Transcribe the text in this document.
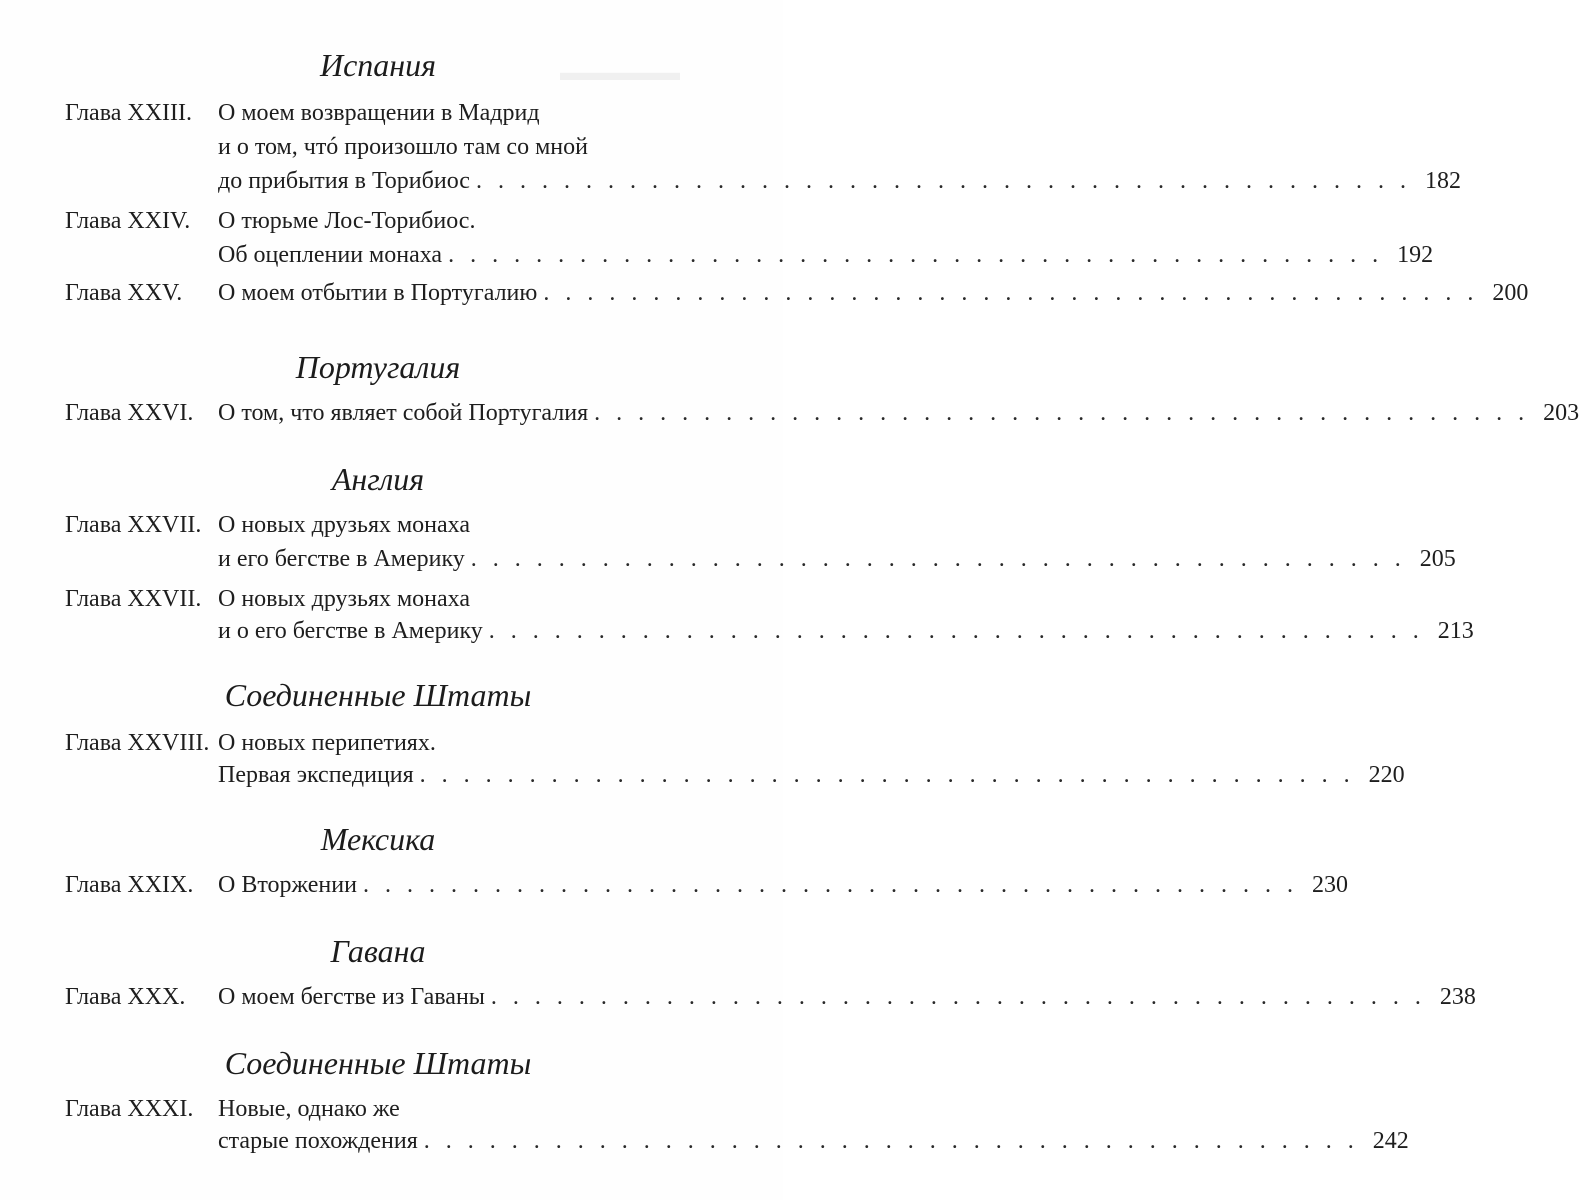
▬▬▬▬▬
Испания
Глава XXIII. О моем возвращении в Мадрид
и о том, чтó произошло там со мной
до прибытия в Торибиос . . . . . . . . . . . . . . . . . . . . . . . . . . . . . . . . . . . . . . . . . . . 182
Глава XXIV. О тюрьме Лос-Торибиос.
Об оцеплении монаха . . . . . . . . . . . . . . . . . . . . . . . . . . . . . . . . . . . . . . . . . . . 192
Глава XXV. О моем отбытии в Португалию . . . . . . . . . . . . . . . . . . . . . . . . . . . . . . . . . . . . . . . . . . . 200
Португалия
Глава XXVI. О том, что являет собой Португалия . . . . . . . . . . . . . . . . . . . . . . . . . . . . . . . . . . . . . . . . . . . 203
Англия
Глава XXVII. О новых друзьях монаха
и его бегстве в Америку . . . . . . . . . . . . . . . . . . . . . . . . . . . . . . . . . . . . . . . . . . . 205
Глава XXVII. О новых друзьях монаха
и о его бегстве в Америку . . . . . . . . . . . . . . . . . . . . . . . . . . . . . . . . . . . . . . . . . . . 213
Соединенные Штаты
Глава XXVIII. О новых перипетиях.
Первая экспедиция . . . . . . . . . . . . . . . . . . . . . . . . . . . . . . . . . . . . . . . . . . . 220
Мексика
Глава XXIX. О Вторжении . . . . . . . . . . . . . . . . . . . . . . . . . . . . . . . . . . . . . . . . . . . 230
Гавана
Глава XXX. О моем бегстве из Гаваны . . . . . . . . . . . . . . . . . . . . . . . . . . . . . . . . . . . . . . . . . . . 238
Соединенные Штаты
Глава XXXI. Новые, однако же
старые похождения . . . . . . . . . . . . . . . . . . . . . . . . . . . . . . . . . . . . . . . . . . . 242
